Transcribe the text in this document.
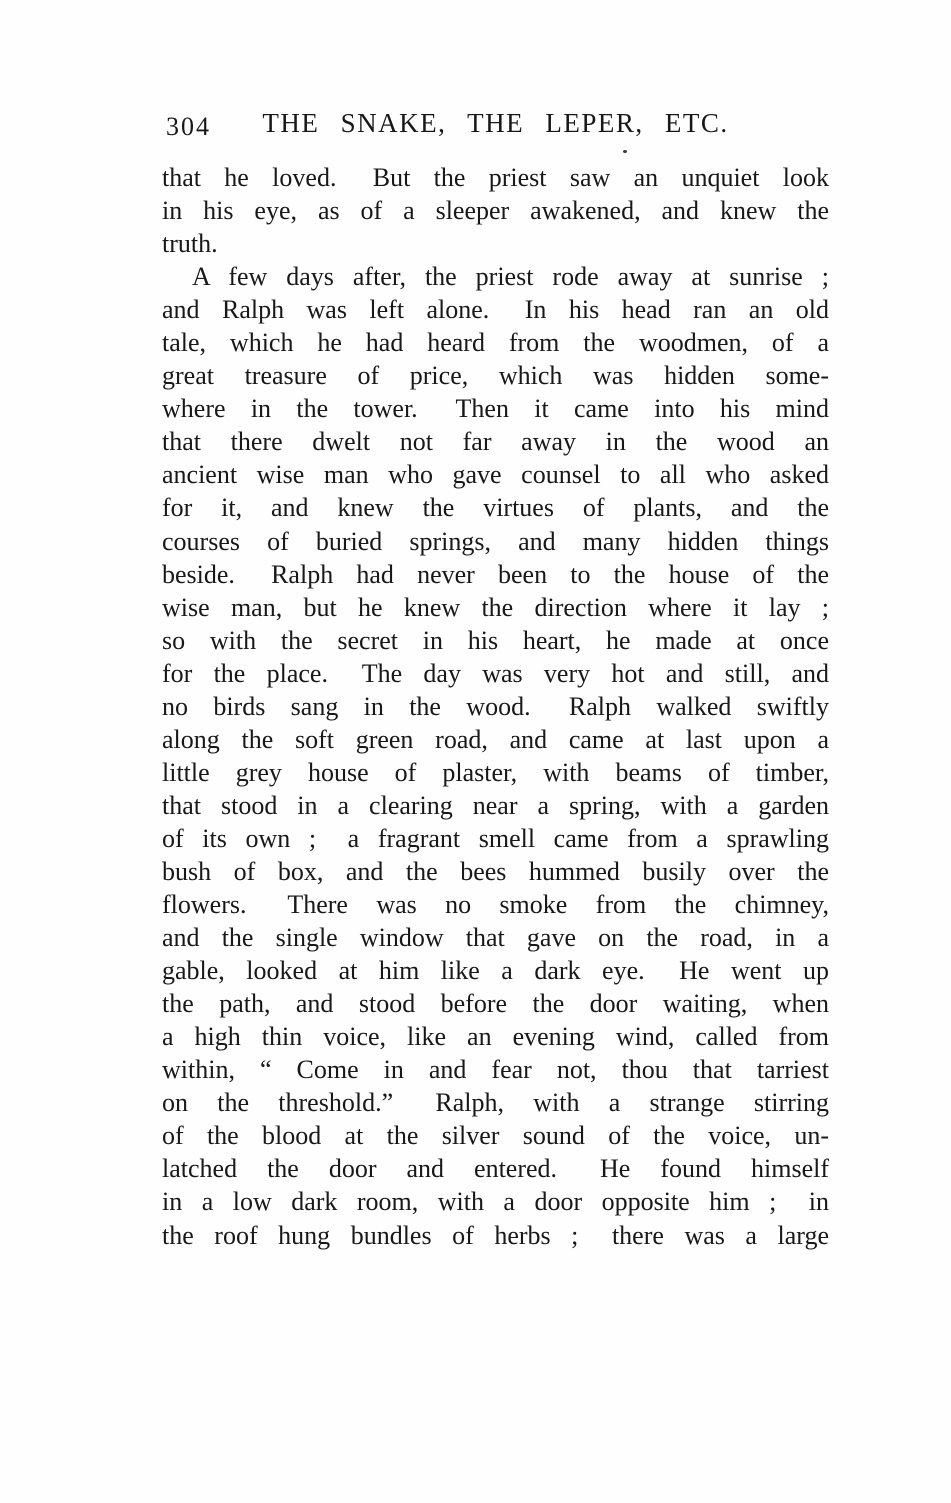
304	THE SNAKE, THE LEPER, ETC.
that he loved.  But the priest saw an unquiet look
in his eye, as of a sleeper awakened, and knew the
truth.
A few days after, the priest rode away at sunrise ;
and Ralph was left alone.  In his head ran an old
tale, which he had heard from the woodmen, of a
great treasure of price, which was hidden some-
where in the tower.  Then it came into his mind
that there dwelt not far away in the wood an
ancient wise man who gave counsel to all who asked
for it, and knew the virtues of plants, and the
courses of buried springs, and many hidden things
beside.  Ralph had never been to the house of the
wise man, but he knew the direction where it lay ;
so with the secret in his heart, he made at once
for the place.  The day was very hot and still, and
no birds sang in the wood.  Ralph walked swiftly
along the soft green road, and came at last upon a
little grey house of plaster, with beams of timber,
that stood in a clearing near a spring, with a garden
of its own ;  a fragrant smell came from a sprawling
bush of box, and the bees hummed busily over the
flowers.  There was no smoke from the chimney,
and the single window that gave on the road, in a
gable, looked at him like a dark eye.  He went up
the path, and stood before the door waiting, when
a high thin voice, like an evening wind, called from
within, “ Come in and fear not, thou that tarriest
on the threshold.”  Ralph, with a strange stirring
of the blood at the silver sound of the voice, un-
latched the door and entered.  He found himself
in a low dark room, with a door opposite him ;  in
the roof hung bundles of herbs ;  there was a large
